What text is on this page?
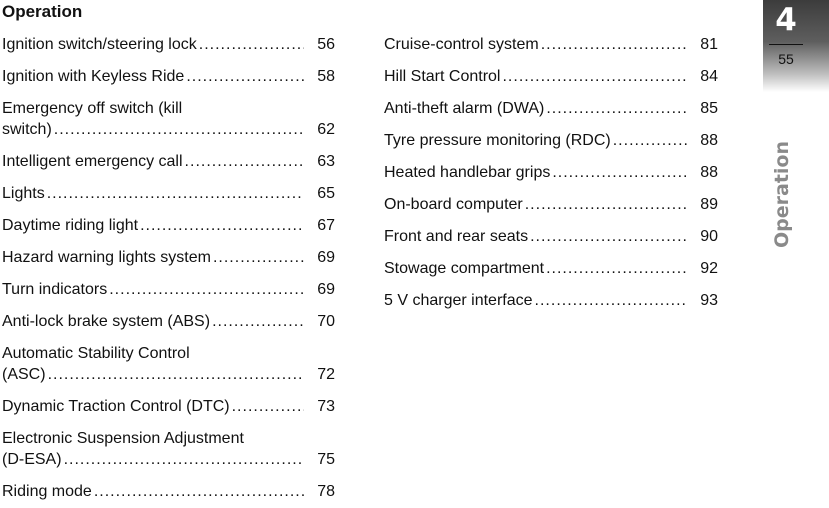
Operation
Ignition switch/steering lock .....	56
Ignition with Keyless Ride .....	58
Emergency off switch (kill
switch) .....	62
Intelligent emergency call .....	63
Lights .....	65
Daytime riding light .....	67
Hazard warning lights system .....	69
Turn indicators .....	69
Anti-lock brake system (ABS) .....	70
Automatic Stability Control
(ASC) .....	72
Dynamic Traction Control (DTC) .....	73
Electronic Suspension Adjustment
(D-ESA) .....	75
Riding mode .....	78
Cruise-control system .....	81
Hill Start Control .....	84
Anti-theft alarm (DWA) .....	85
Tyre pressure monitoring (RDC) .....	88
Heated handlebar grips .....	88
On-board computer .....	89
Front and rear seats .....	90
Stowage compartment .....	92
5 V charger interface .....	93
4
55
Operation
